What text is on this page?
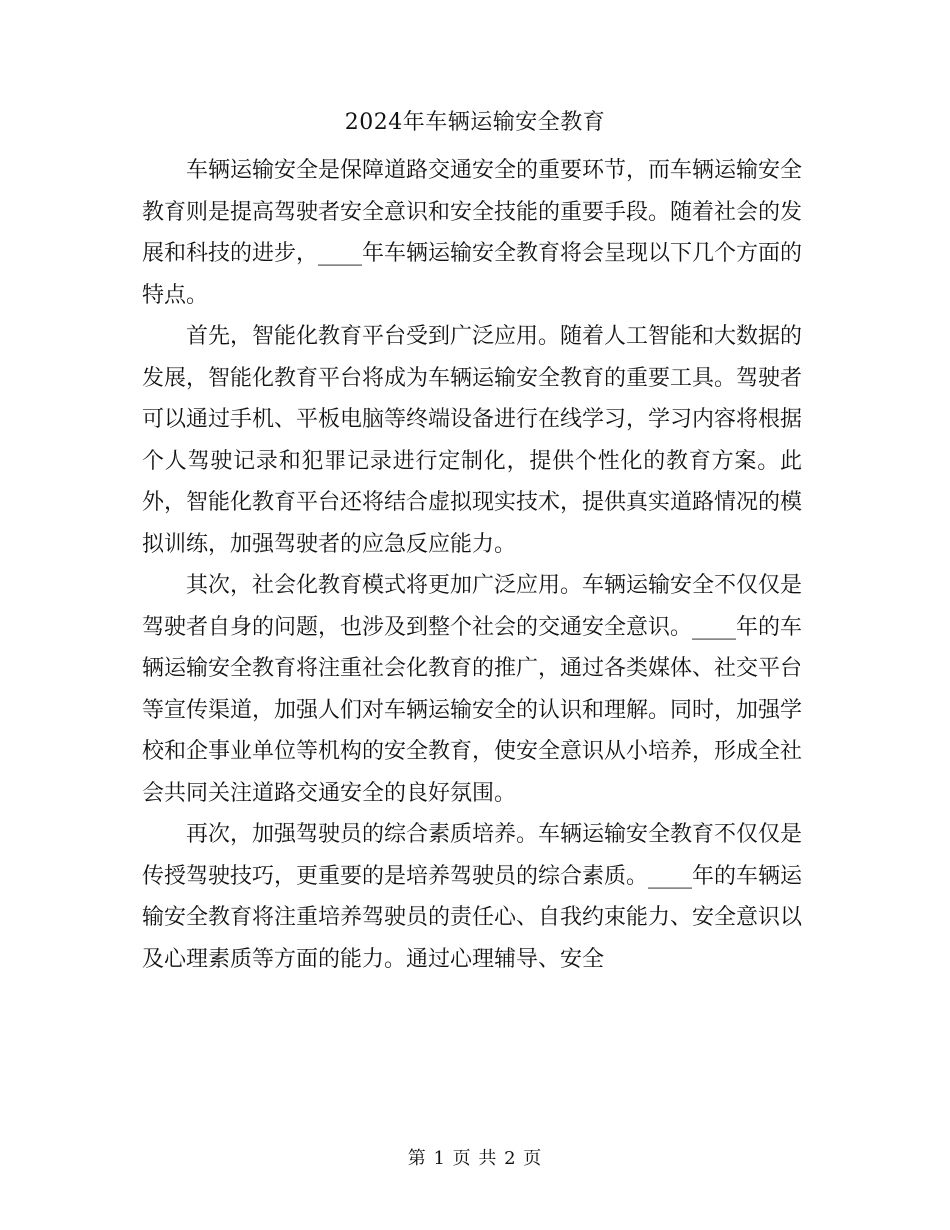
2024年车辆运输安全教育

车辆运输安全是保障道路交通安全的重要环节，而车辆运输安全教育则是提高驾驶者安全意识和安全技能的重要手段。随着社会的发展和科技的进步，____年车辆运输安全教育将会呈现以下几个方面的特点。

首先，智能化教育平台受到广泛应用。随着人工智能和大数据的发展，智能化教育平台将成为车辆运输安全教育的重要工具。驾驶者可以通过手机、平板电脑等终端设备进行在线学习，学习内容将根据个人驾驶记录和犯罪记录进行定制化，提供个性化的教育方案。此外，智能化教育平台还将结合虚拟现实技术，提供真实道路情况的模拟训练，加强驾驶者的应急反应能力。

其次，社会化教育模式将更加广泛应用。车辆运输安全不仅仅是驾驶者自身的问题，也涉及到整个社会的交通安全意识。____年的车辆运输安全教育将注重社会化教育的推广，通过各类媒体、社交平台等宣传渠道，加强人们对车辆运输安全的认识和理解。同时，加强学校和企事业单位等机构的安全教育，使安全意识从小培养，形成全社会共同关注道路交通安全的良好氛围。

再次，加强驾驶员的综合素质培养。车辆运输安全教育不仅仅是传授驾驶技巧，更重要的是培养驾驶员的综合素质。____年的车辆运输安全教育将注重培养驾驶员的责任心、自我约束能力、安全意识以及心理素质等方面的能力。通过心理辅导、安全

第 1 页 共 2 页
